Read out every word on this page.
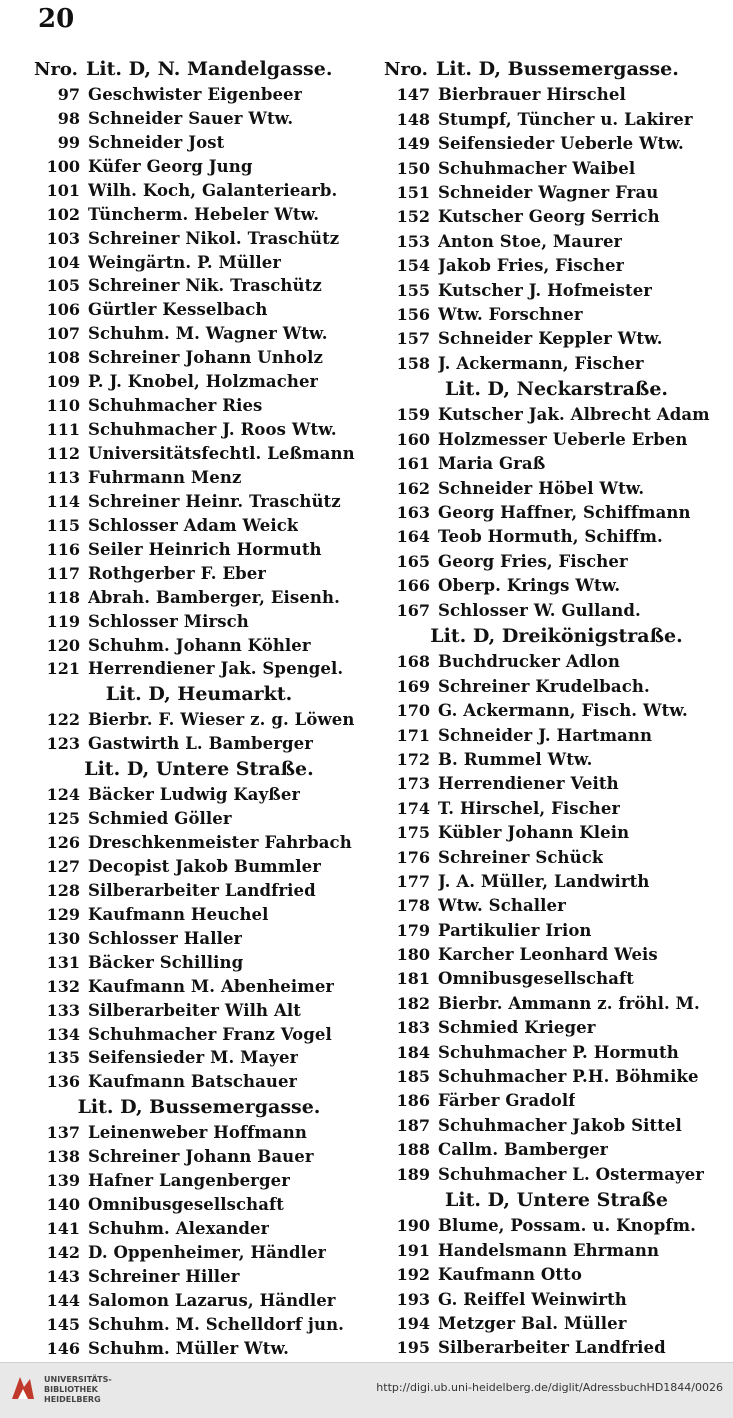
20
Nro. Lit. D, N. Mandelgasse.
97 Geschwister Eigenbeer
98 Schneider Sauer Wtw.
99 Schneider Jost
100 Küfer Georg Jung
101 Wilh. Koch, Galanteriearb.
102 Tüncherm. Hebeler Wtw.
103 Schreiner Nikol. Traschütz
104 Weingärtn. P. Müller
105 Schreiner Nik. Traschütz
106 Gürtler Kesselbach
107 Schuhm. M. Wagner Wtw.
108 Schreiner Johann Unholz
109 P. J. Knobel, Holzmacher
110 Schuhmacher Ries
111 Schuhmacher J. Roos Wtw.
112 Universitätsfechtl. Leßmann
113 Fuhrmann Menz
114 Schreiner Heinr. Traschütz
115 Schlosser Adam Weick
116 Seiler Heinrich Hormuth
117 Rothgerber F. Eber
118 Abrah. Bamberger, Eisenh.
119 Schlosser Mirsch
120 Schuhm. Johann Köhler
121 Herrendiener Jak. Spengel.
Lit. D, Heumarkt.
122 Bierbr. F. Wieser z. g. Löwen
123 Gastwirth L. Bamberger
Lit. D, Untere Straße.
124 Bäcker Ludwig Kayßer
125 Schmied Göller
126 Dreschkenmeister Fahrbach
127 Decopist Jakob Bummler
128 Silberarbeiter Landfried
129 Kaufmann Heuchel
130 Schlosser Haller
131 Bäcker Schilling
132 Kaufmann M. Abenheimer
133 Silberarbeiter Wilh Alt
134 Schuhmacher Franz Vogel
135 Seifensieder M. Mayer
136 Kaufmann Batschauer
Lit. D, Bussemergasse.
137 Leinenweber Hoffmann
138 Schreiner Johann Bauer
139 Hafner Langenberger
140 Omnibusgesellschaft
141 Schuhm. Alexander
142 D. Oppenheimer, Händler
143 Schreiner Hiller
144 Salomon Lazarus, Händler
145 Schuhm. M. Schelldorf jun.
146 Schuhm. Müller Wtw.
Nro. Lit. D, Bussemergasse.
147 Bierbrauer Hirschel
148 Stumpf, Tüncher u. Lakirer
149 Seifensieder Ueberle Wtw.
150 Schuhmacher Waibel
151 Schneider Wagner Frau
152 Kutscher Georg Serrich
153 Anton Stoe, Maurer
154 Jakob Fries, Fischer
155 Kutscher J. Hofmeister
156 Wtw. Forschner
157 Schneider Keppler Wtw.
158 J. Ackermann, Fischer
Lit. D, Neckarstraße.
159 Kutscher Jak. Albrecht Adam
160 Holzmesser Ueberle Erben
161 Maria Graß
162 Schneider Höbel Wtw.
163 Georg Haffner, Schiffmann
164 Teob Hormuth, Schiffm.
165 Georg Fries, Fischer
166 Oberp. Krings Wtw.
167 Schlosser W. Gulland.
Lit. D, Dreikönigstraße.
168 Buchdrucker Adlon
169 Schreiner Krudelbach.
170 G. Ackermann, Fisch. Wtw.
171 Schneider J. Hartmann
172 B. Rummel Wtw.
173 Herrendiener Veith
174 T. Hirschel, Fischer
175 Kübler Johann Klein
176 Schreiner Schück
177 J. A. Müller, Landwirth
178 Wtw. Schaller
179 Partikulier Irion
180 Karcher Leonhard Weis
181 Omnibusgesellschaft
182 Bierbr. Ammann z. fröhl. M.
183 Schmied Krieger
184 Schuhmacher P. Hormuth
185 Schuhmacher P.H. Böhmike
186 Färber Gradolf
187 Schuhmacher Jakob Sittel
188 Callm. Bamberger
189 Schuhmacher L. Ostermayer
Lit. D, Untere Straße
190 Blume, Possam. u. Knopfm.
191 Handelsmann Ehrmann
192 Kaufmann Otto
193 G. Reiffel Weinwirth
194 Metzger Bal. Müller
195 Silberarbeiter Landfried
UNIVERSITÄTS-
BIBLIOTHEK
HEIDELBERG
http://digi.ub.uni-heidelberg.de/diglit/AdressbuchHD1844/0026
